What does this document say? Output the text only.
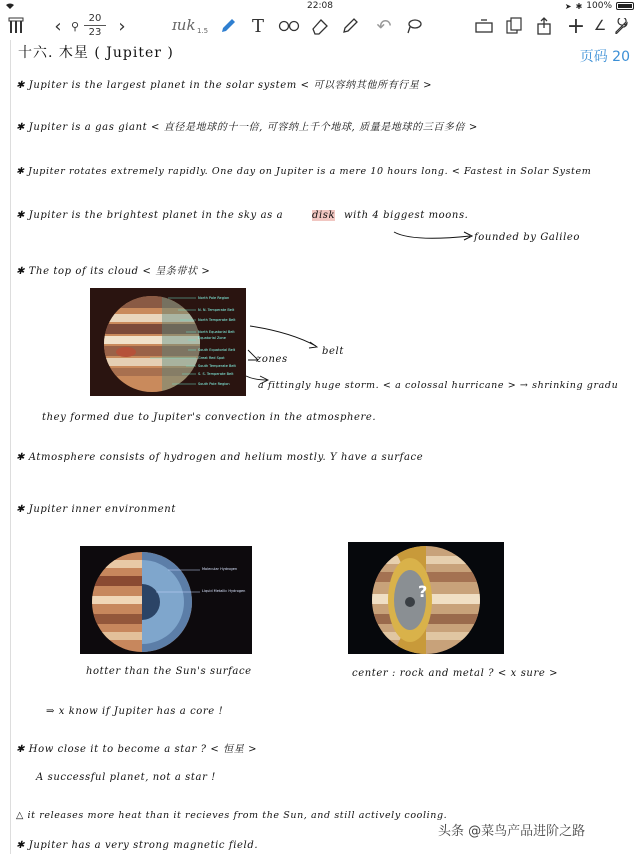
22:08	➤ ✱ 100%
‹ ⚲
20
23 ›	ɪuk 1.5	T	↶	+ ∠
页码 20
十六. 木星 ( Jupiter )
✱ Jupiter is the largest planet in the solar system < 可以容纳其他所有行星 >
✱ Jupiter is a gas giant < 直径是地球的十一倍, 可容纳上千个地球, 质量是地球的三百多倍 >
✱ Jupiter rotates extremely rapidly. One day on Jupiter is a mere 10 hours long. < Fastest in Solar System
✱ Jupiter is the brightest planet in the sky as a	disk with 4 biggest moons.
founded by Galileo
✱ The top of its cloud < 呈条带状 >
North Pole Region
N. N. Temperate Belt
North Temperate Belt
North Equatorial Belt
Equatorial Zone
South Equatorial Belt
Great Red Spot
South Temperate Belt
S. S. Temperate Belt
South Pole Region
zones
belt
a fittingly huge storm. < a colossal hurricane > → shrinking gradu
they formed due to Jupiter's convection in the atmosphere.
✱ Atmosphere consists of hydrogen and helium mostly. Y have a surface
✱ Jupiter inner environment
Molecular Hydrogen
Liquid Metallic Hydrogen	?
hotter than the Sun's surface	center : rock and metal ? < x sure >
⇒ x know if Jupiter has a core !
✱ How close it to become a star ? < 恒星 >
A successful planet, not a star !
△ it releases more heat than it recieves from the Sun, and still actively cooling.
✱ Jupiter has a very strong magnetic field.
头条 @菜鸟产品进阶之路
